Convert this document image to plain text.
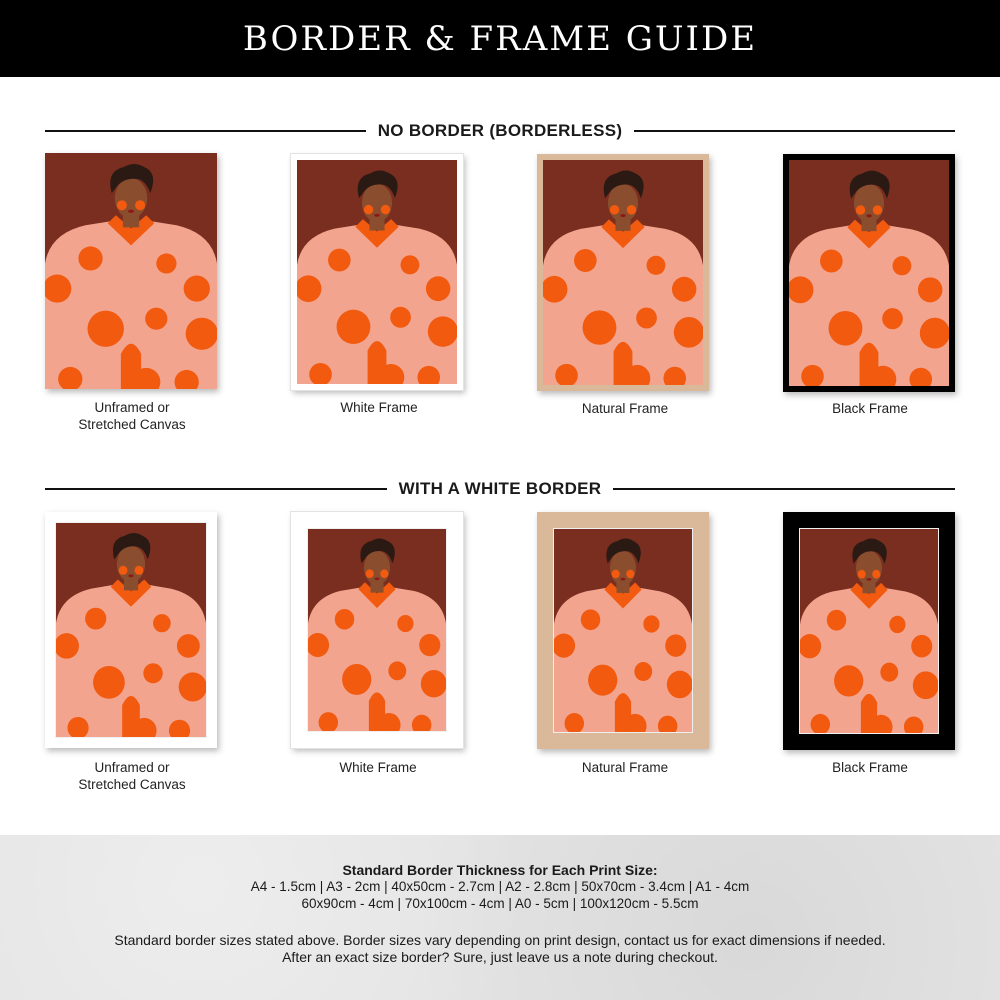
BORDER & FRAME GUIDE
NO BORDER (BORDERLESS)
WITH A WHITE BORDER
Unframed or
Stretched Canvas
White Frame	Natural Frame	Black Frame
Unframed or
Stretched Canvas
White Frame	Natural Frame	Black Frame
Standard Border Thickness for Each Print Size:
A4 - 1.5cm | A3 - 2cm | 40x50cm - 2.7cm | A2 - 2.8cm | 50x70cm - 3.4cm | A1 - 4cm
60x90cm - 4cm | 70x100cm - 4cm | A0 - 5cm | 100x120cm - 5.5cm
Standard border sizes stated above. Border sizes vary depending on print design, contact us for exact dimensions if needed. After an exact size border? Sure, just leave us a note during checkout.
